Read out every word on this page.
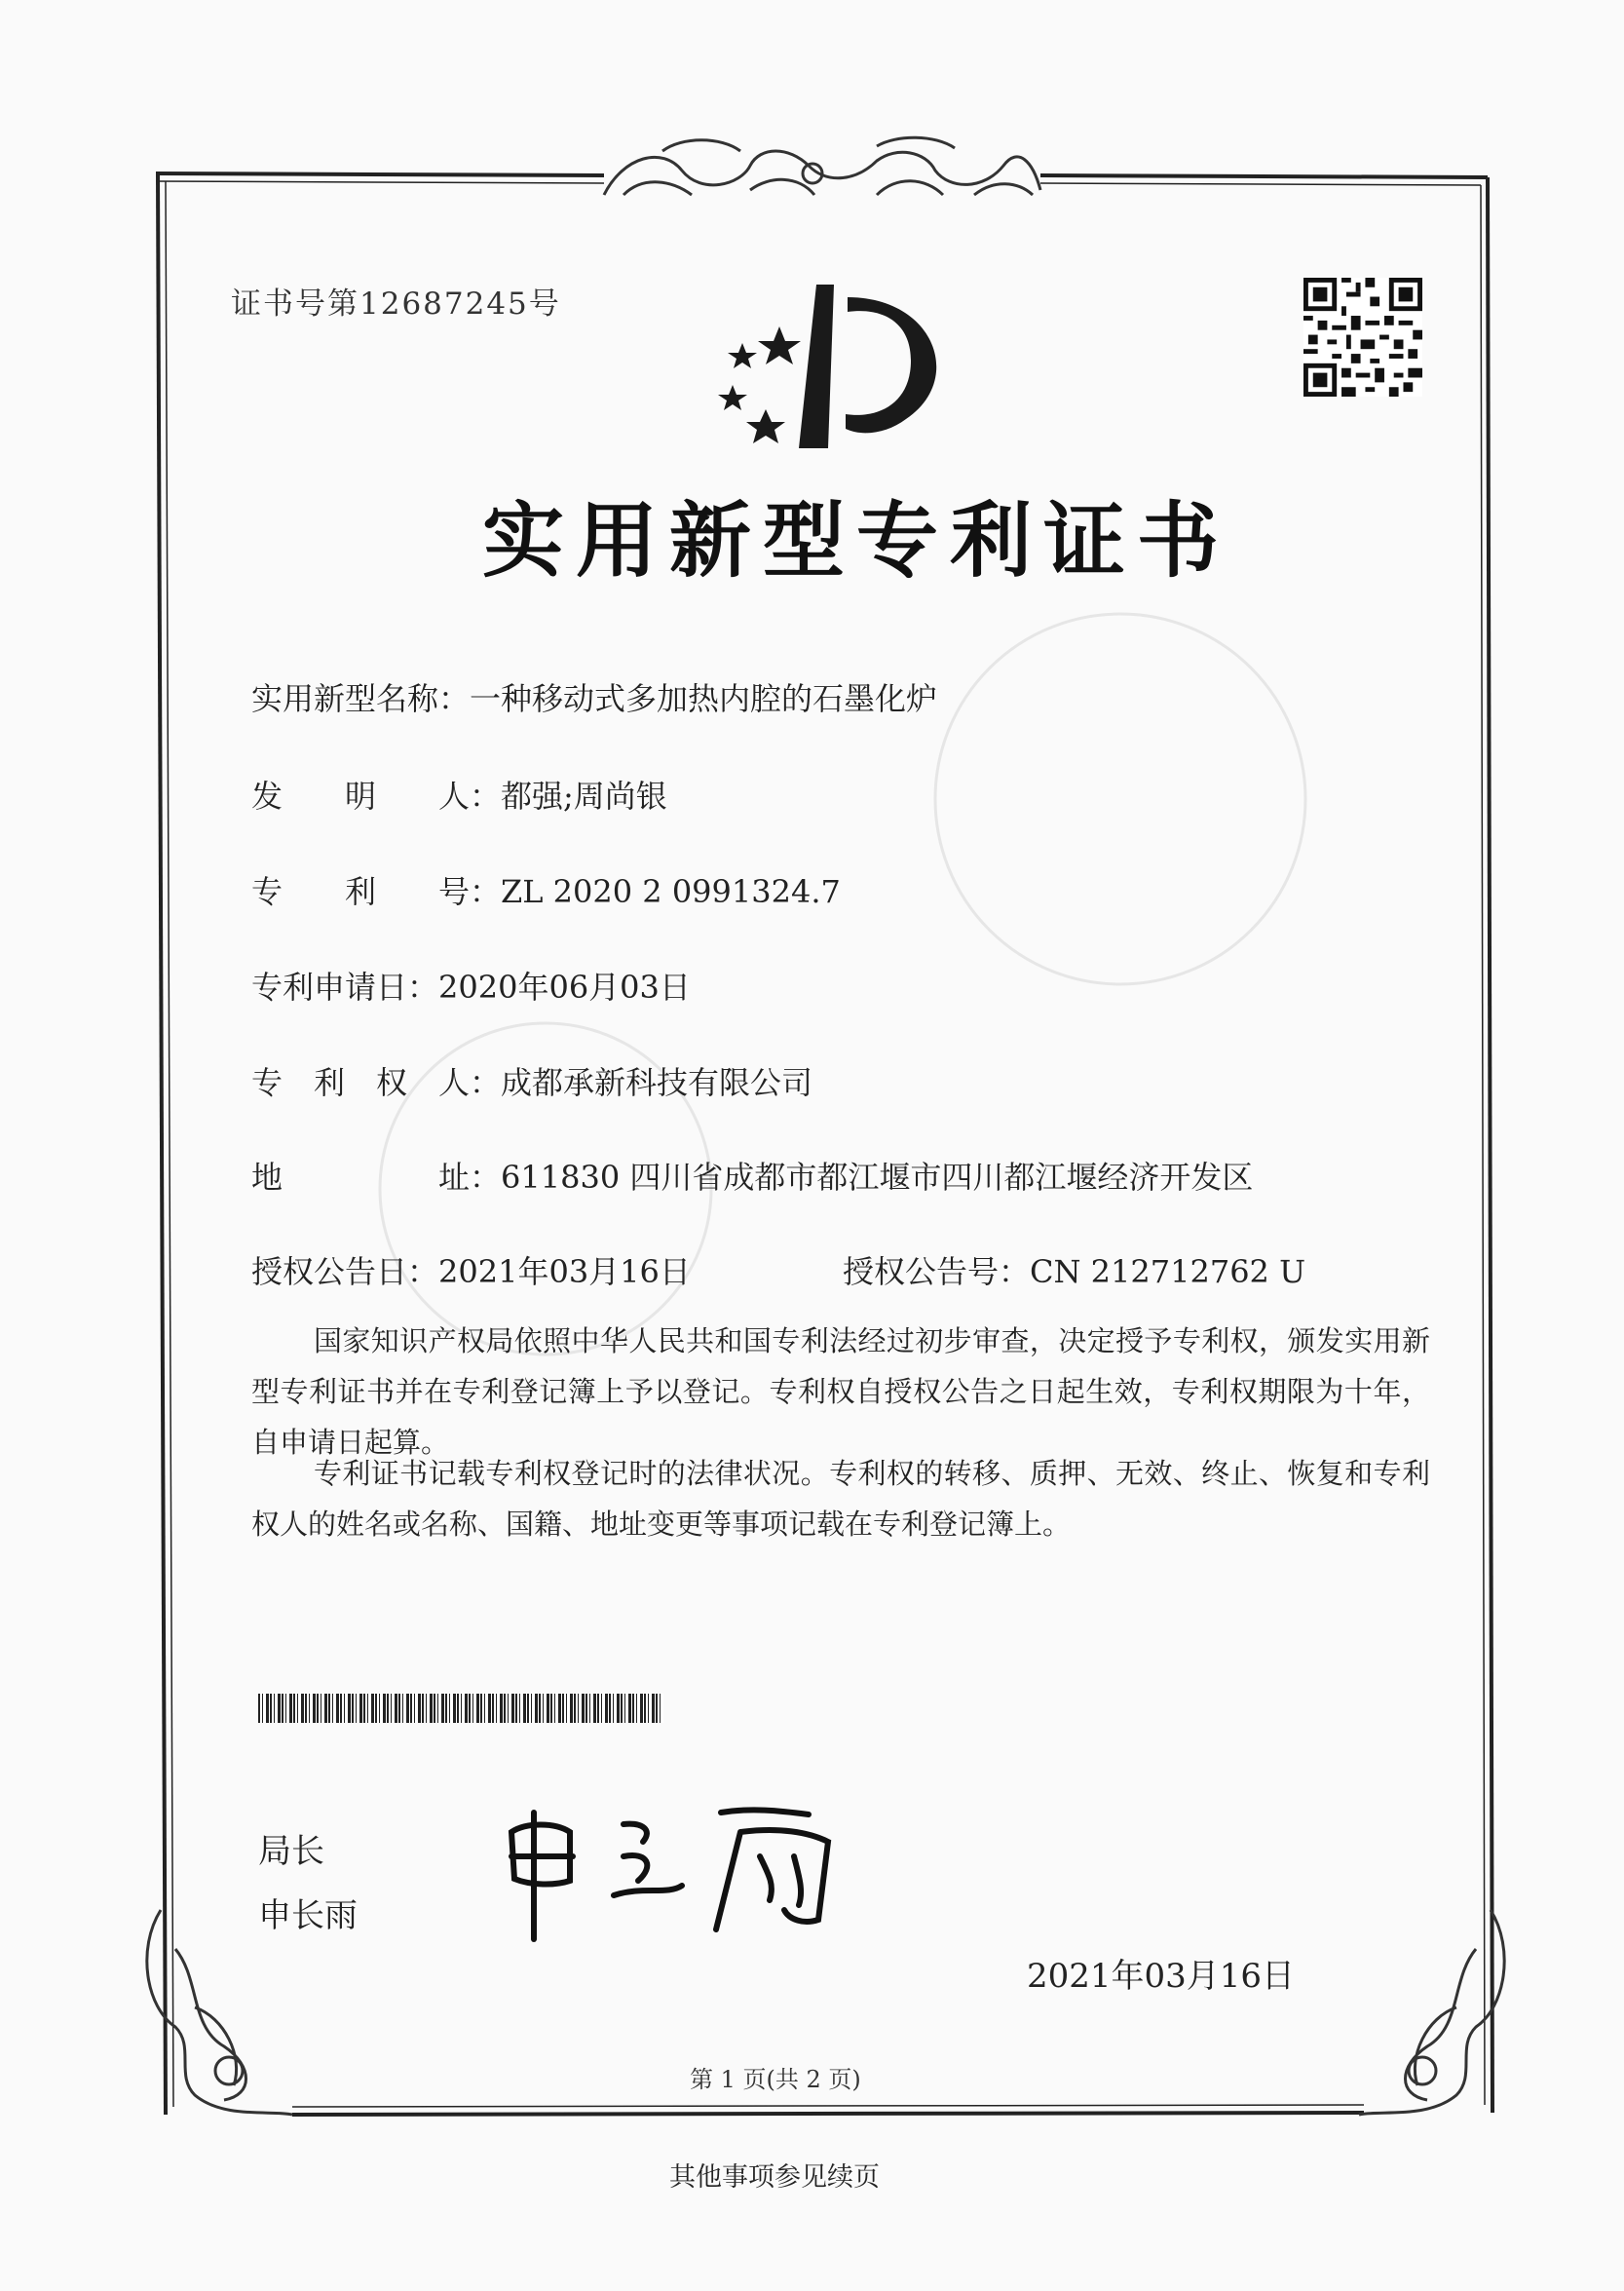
证书号第12687245号
实用新型专利证书
实用新型名称：一种移动式多加热内腔的石墨化炉
发　　明　　人：都强;周尚银
专　　利　　号：ZL 2020 2 0991324.7
专利申请日：2020年06月03日
专　利　权　人：成都承新科技有限公司
地　　　　　址：611830 四川省成都市都江堰市四川都江堰经济开发区
授权公告日：2021年03月16日	授权公告号：CN 212712762 U
国家知识产权局依照中华人民共和国专利法经过初步审查，决定授予专利权，颁发实用新型专利证书并在专利登记簿上予以登记。专利权自授权公告之日起生效，专利权期限为十年，自申请日起算。
专利证书记载专利权登记时的法律状况。专利权的转移、质押、无效、终止、恢复和专利权人的姓名或名称、国籍、地址变更等事项记载在专利登记簿上。
局长
申长雨
2021年03月16日
第 1 页(共 2 页)
其他事项参见续页
